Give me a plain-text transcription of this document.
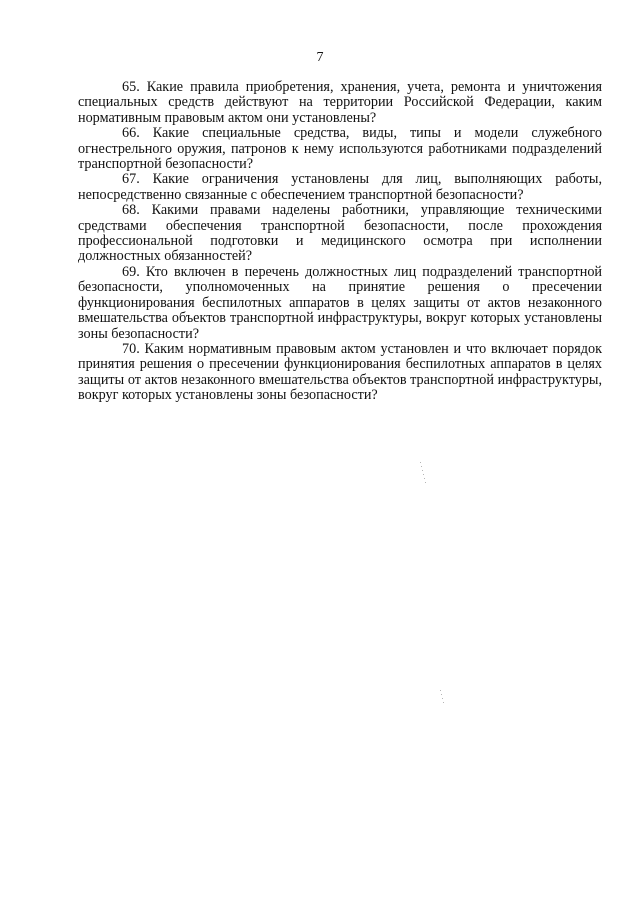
7

65. Какие правила приобретения, хранения, учета, ремонта и уничтожения специальных средств действуют на территории Российской Федерации, каким нормативным правовым актом они установлены?

66. Какие специальные средства, виды, типы и модели служебного огнестрельного оружия, патронов к нему используются работниками подразделений транспортной безопасности?

67. Какие ограничения установлены для лиц, выполняющих работы, непосредственно связанные с обеспечением транспортной безопасности?

68. Какими правами наделены работники, управляющие техническими средствами обеспечения транспортной безопасности, после прохождения профессиональной подготовки и медицинского осмотра при исполнении должностных обязанностей?

69. Кто включен в перечень должностных лиц подразделений транспортной безопасности, уполномоченных на принятие решения о пресечении функционирования беспилотных аппаратов в целях защиты от актов незаконного вмешательства объектов транспортной инфраструктуры, вокруг которых установлены зоны безопасности?

70. Каким нормативным правовым актом установлен и что включает порядок принятия решения о пресечении функционирования беспилотных аппаратов в целях защиты от актов незаконного вмешательства объектов транспортной инфраструктуры, вокруг которых установлены зоны безопасности?
